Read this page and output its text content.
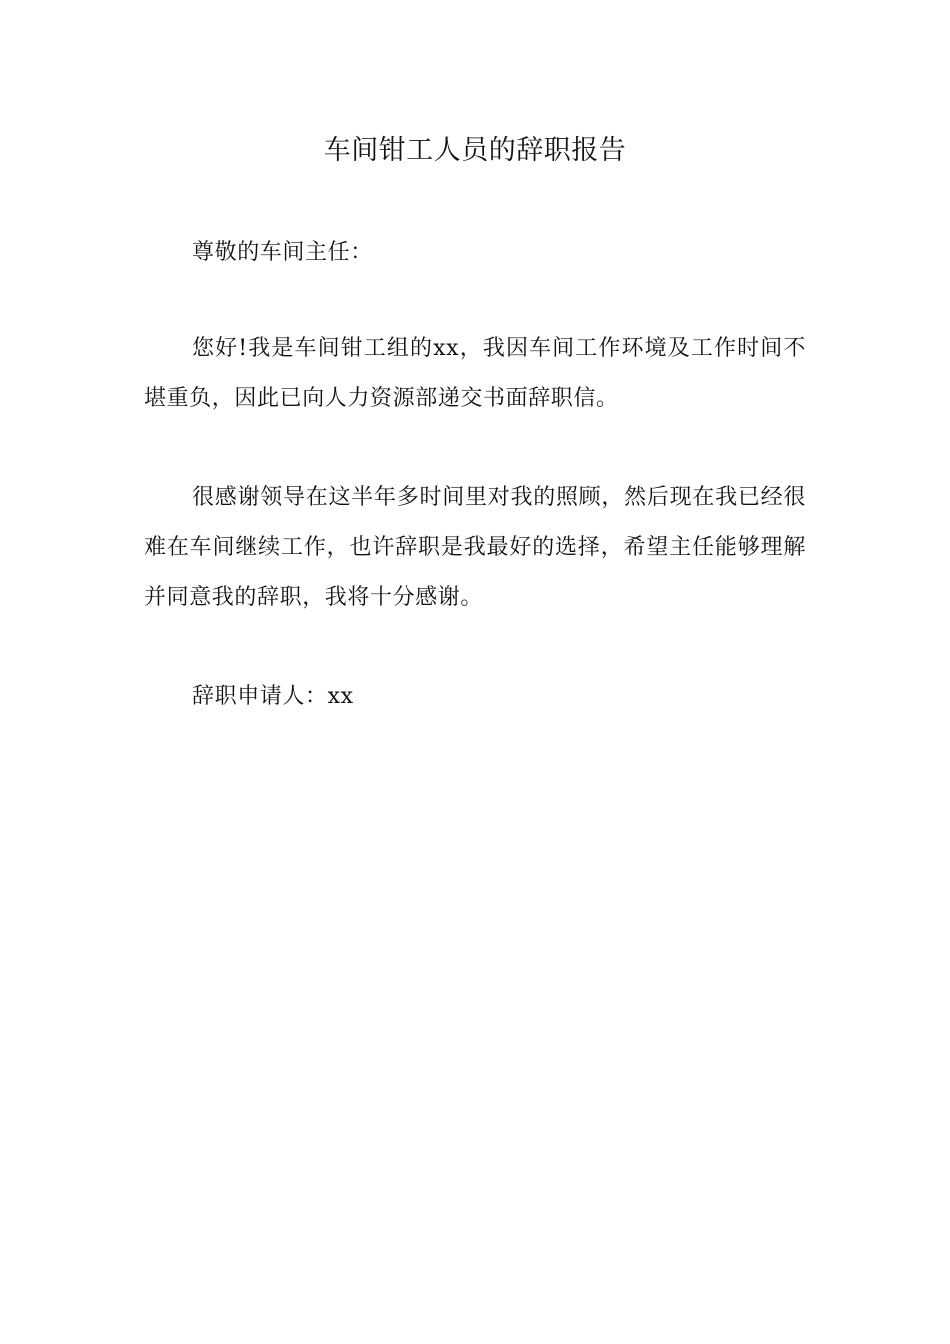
车间钳工人员的辞职报告

尊敬的车间主任：

您好!我是车间钳工组的xx，我因车间工作环境及工作时间不堪重负，因此已向人力资源部递交书面辞职信。

很感谢领导在这半年多时间里对我的照顾，然后现在我已经很难在车间继续工作，也许辞职是我最好的选择，希望主任能够理解并同意我的辞职，我将十分感谢。

辞职申请人：xx
